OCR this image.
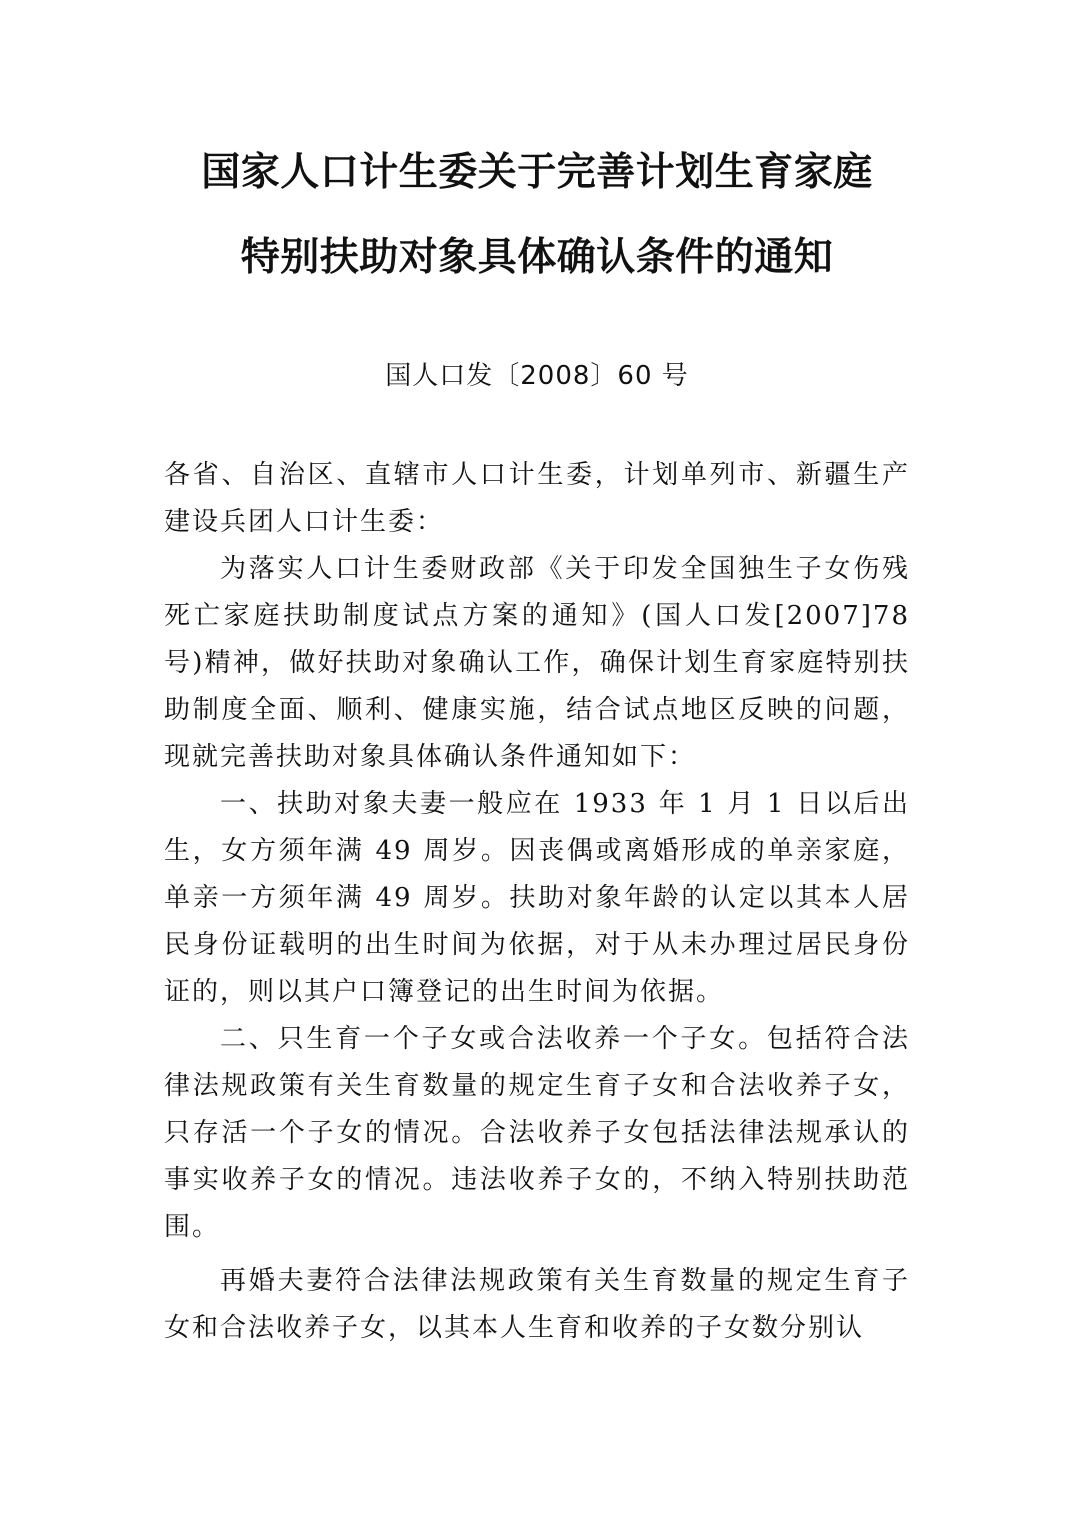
国家人口计生委关于完善计划生育家庭
特别扶助对象具体确认条件的通知
国人口发〔2008〕60 号

各省、自治区、直辖市人口计生委，计划单列市、新疆生产建设兵团人口计生委：

为落实人口计生委财政部《关于印发全国独生子女伤残死亡家庭扶助制度试点方案的通知》(国人口发[2007]78 号)精神，做好扶助对象确认工作，确保计划生育家庭特别扶助制度全面、顺利、健康实施，结合试点地区反映的问题，现就完善扶助对象具体确认条件通知如下：

一、扶助对象夫妻一般应在 1933 年 1 月 1 日以后出生，女方须年满 49 周岁。因丧偶或离婚形成的单亲家庭，单亲一方须年满 49 周岁。扶助对象年龄的认定以其本人居民身份证载明的出生时间为依据，对于从未办理过居民身份证的，则以其户口簿登记的出生时间为依据。

二、只生育一个子女或合法收养一个子女。包括符合法律法规政策有关生育数量的规定生育子女和合法收养子女，只存活一个子女的情况。合法收养子女包括法律法规承认的事实收养子女的情况。违法收养子女的，不纳入特别扶助范围。

再婚夫妻符合法律法规政策有关生育数量的规定生育子女和合法收养子女，以其本人生育和收养的子女数分别认
